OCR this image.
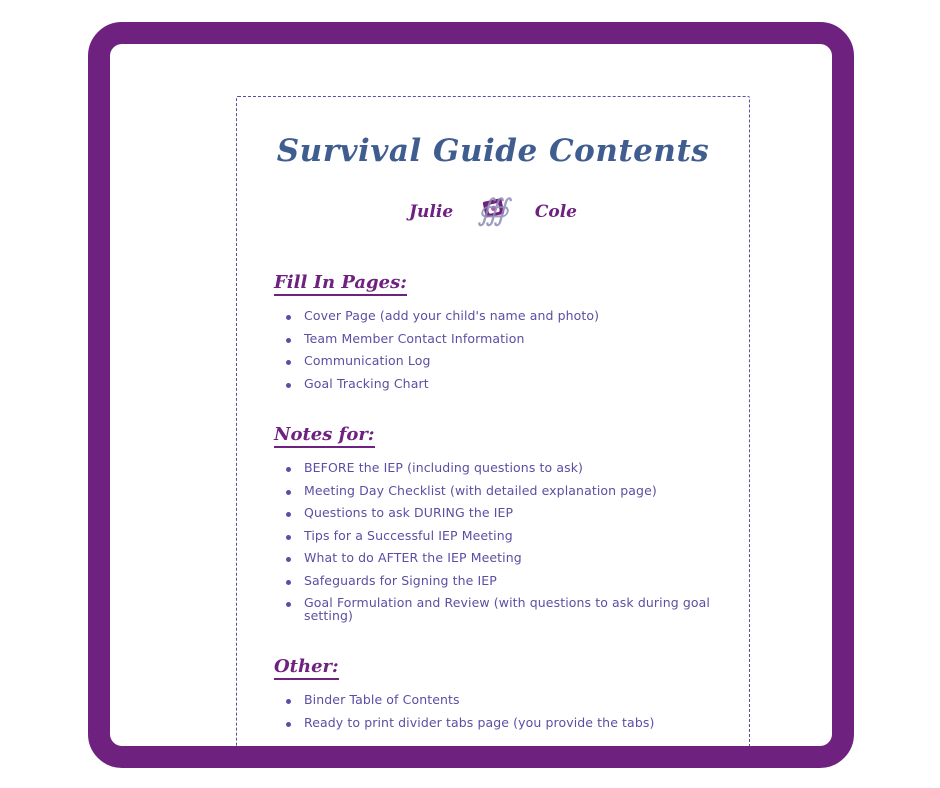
Survival Guide Contents
Julie ∰ Cole
Fill In Pages:
Cover Page (add your child's name and photo)
Team Member Contact Information
Communication Log
Goal Tracking Chart
Notes for:
BEFORE the IEP (including questions to ask)
Meeting Day Checklist (with detailed explanation page)
Questions to ask DURING the IEP
Tips for a Successful IEP Meeting
What to do AFTER the IEP Meeting
Safeguards for Signing the IEP
Goal Formulation and Review (with questions to ask during goal setting)
Other:
Binder Table of Contents
Ready to print divider tabs page (you provide the tabs)
